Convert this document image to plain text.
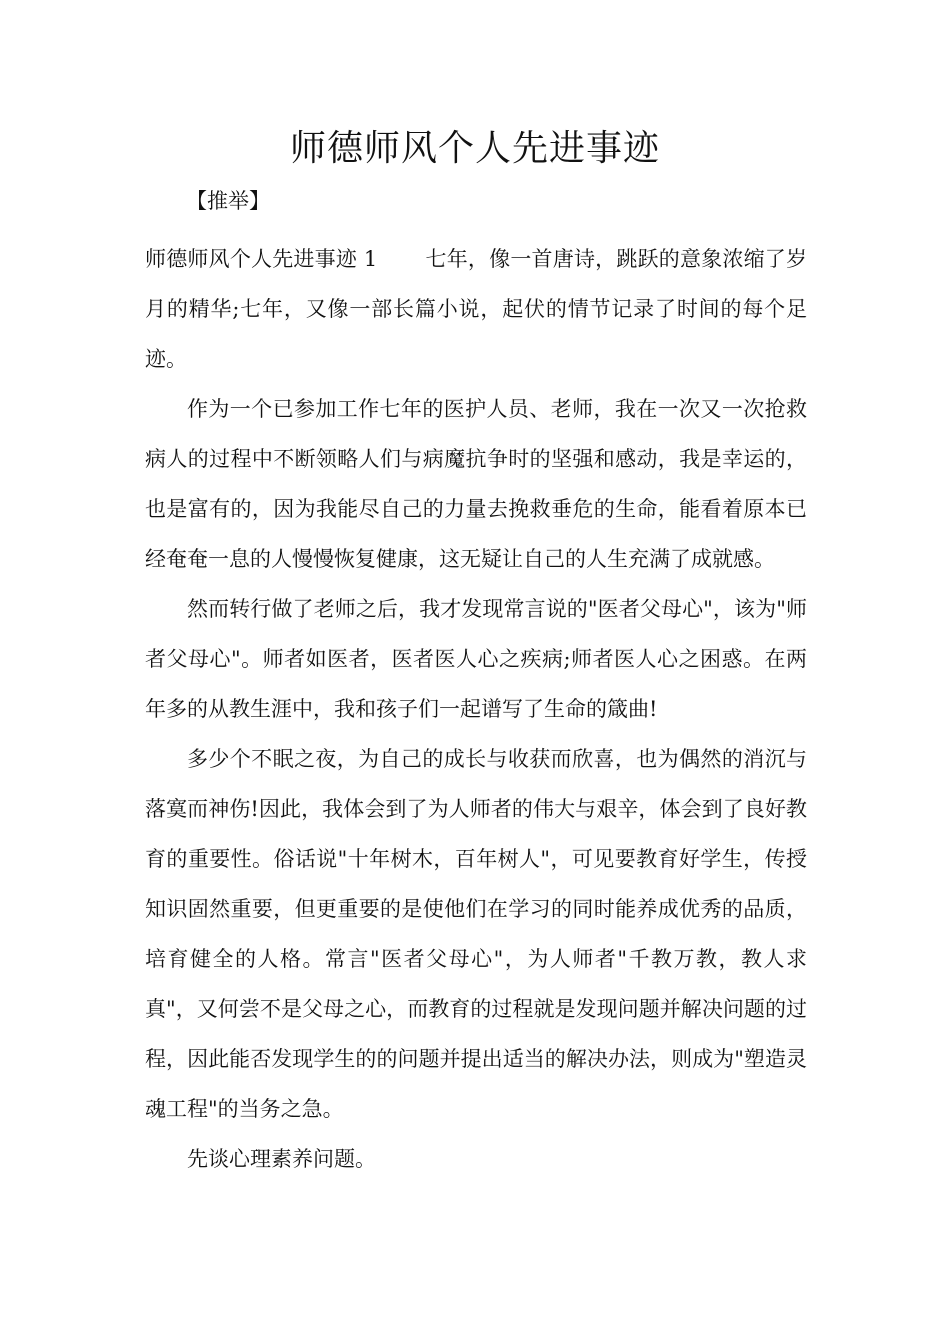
师德师风个人先进事迹

【推举】

师德师风个人先进事迹 1 七年，像一首唐诗，跳跃的意象浓缩了岁月的精华;七年，又像一部长篇小说，起伏的情节记录了时间的每个足迹。

作为一个已参加工作七年的医护人员、老师，我在一次又一次抢救病人的过程中不断领略人们与病魔抗争时的坚强和感动，我是幸运的，也是富有的，因为我能尽自己的力量去挽救垂危的生命，能看着原本已经奄奄一息的人慢慢恢复健康，这无疑让自己的人生充满了成就感。

然而转行做了老师之后，我才发现常言说的"医者父母心"，该为"师者父母心"。师者如医者，医者医人心之疾病;师者医人心之困惑。在两年多的从教生涯中，我和孩子们一起谱写了生命的箴曲!

多少个不眠之夜，为自己的成长与收获而欣喜，也为偶然的消沉与落寞而神伤!因此，我体会到了为人师者的伟大与艰辛，体会到了良好教育的重要性。俗话说"十年树木，百年树人"，可见要教育好学生，传授知识固然重要，但更重要的是使他们在学习的同时能养成优秀的品质，培育健全的人格。常言"医者父母心"，为人师者"千教万教，教人求真"，又何尝不是父母之心，而教育的过程就是发现问题并解决问题的过程，因此能否发现学生的的问题并提出适当的解决办法，则成为"塑造灵魂工程"的当务之急。

先谈心理素养问题。
